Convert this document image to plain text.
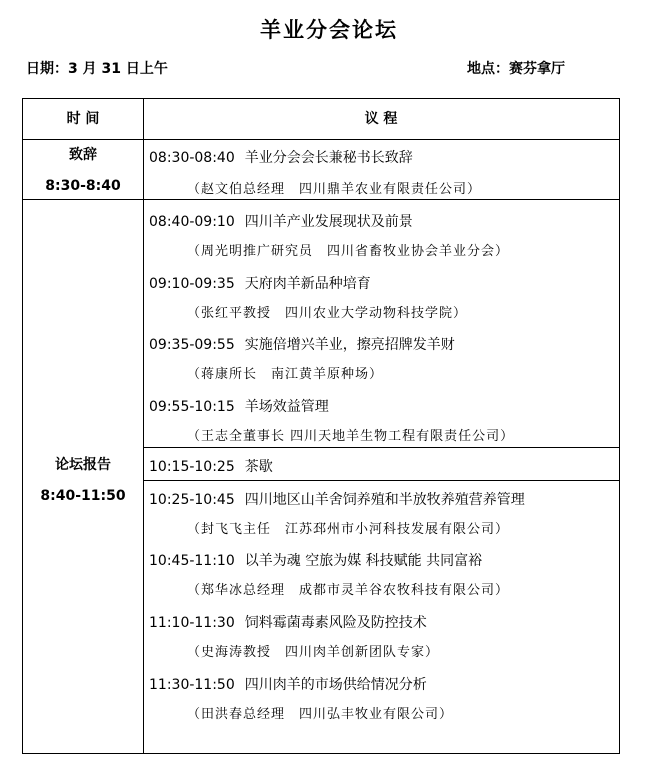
羊业分会论坛
日期：3 月 31 日上午	地点：赛芬拿厅
时 间	议 程
致辞
8:30-8:40
论坛报告
8:40-11:50
08:30-08:40 羊业分会会长兼秘书长致辞
（赵文伯总经理　四川鼎羊农业有限责任公司）
08:40-09:10 四川羊产业发展现状及前景
（周光明推广研究员　四川省畜牧业协会羊业分会）
09:10-09:35 天府肉羊新品种培育
（张红平教授　四川农业大学动物科技学院）
09:35-09:55 实施倍增兴羊业，擦亮招牌发羊财
（蒋康所长　南江黄羊原种场）
09:55-10:15 羊场效益管理
（王志全董事长 四川天地羊生物工程有限责任公司）
10:15-10:25 茶歇
10:25-10:45 四川地区山羊舍饲养殖和半放牧养殖营养管理
（封飞飞主任　江苏邳州市小河科技发展有限公司）
10:45-11:10 以羊为魂 空旅为媒 科技赋能 共同富裕
（郑华冰总经理　成都市灵羊谷农牧科技有限公司）
11:10-11:30 饲料霉菌毒素风险及防控技术
（史海涛教授　四川肉羊创新团队专家）
11:30-11:50 四川肉羊的市场供给情况分析
（田洪春总经理　四川弘丰牧业有限公司）
